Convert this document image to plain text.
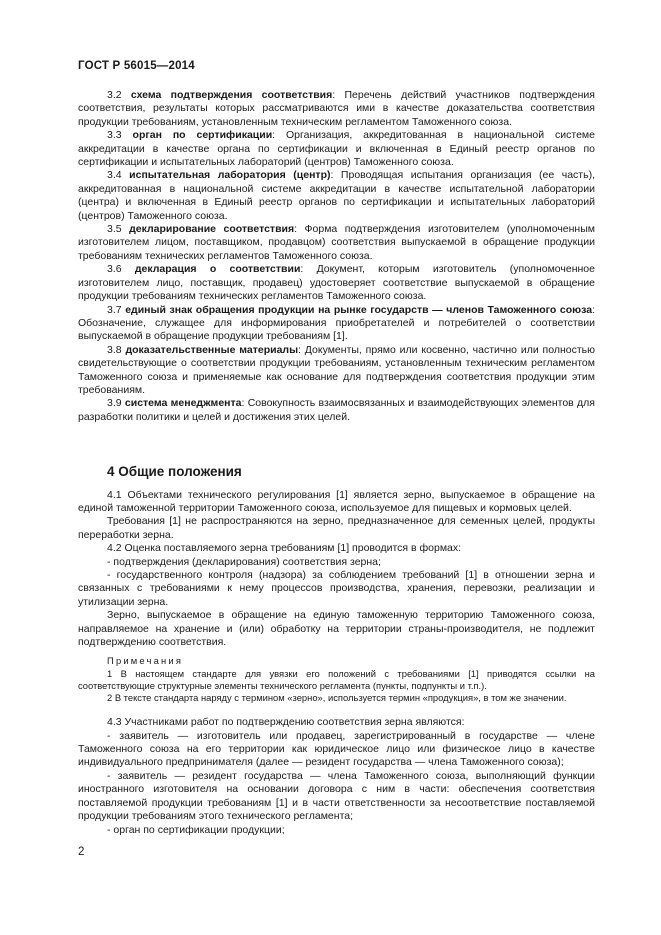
ГОСТ Р 56015—2014

3.2 схема подтверждения соответствия: Перечень действий участников подтверждения соответствия, результаты которых рассматриваются ими в качестве доказательства соответствия продукции требованиям, установленным техническим регламентом Таможенного союза.

3.3 орган по сертификации: Организация, аккредитованная в национальной системе аккредитации в качестве органа по сертификации и включенная в Единый реестр органов по сертификации и испытательных лабораторий (центров) Таможенного союза.

3.4 испытательная лаборатория (центр): Проводящая испытания организация (ее часть), аккредитованная в национальной системе аккредитации в качестве испытательной лаборатории (центра) и включенная в Единый реестр органов по сертификации и испытательных лабораторий (центров) Таможенного союза.

3.5 декларирование соответствия: Форма подтверждения изготовителем (уполномоченным изготовителем лицом, поставщиком, продавцом) соответствия выпускаемой в обращение продукции требованиям технических регламентов Таможенного союза.

3.6 декларация о соответствии: Документ, которым изготовитель (уполномоченное изготовителем лицо, поставщик, продавец) удостоверяет соответствие выпускаемой в обращение продукции требованиям технических регламентов Таможенного союза.

3.7 единый знак обращения продукции на рынке государств — членов Таможенного союза: Обозначение, служащее для информирования приобретателей и потребителей о соответствии выпускаемой в обращение продукции требованиям [1].

3.8 доказательственные материалы: Документы, прямо или косвенно, частично или полностью свидетельствующие о соответствии продукции требованиям, установленным техническим регламентом Таможенного союза и применяемые как основание для подтверждения соответствия продукции этим требованиям.

3.9 система менеджмента: Совокупность взаимосвязанных и взаимодействующих элементов для разработки политики и целей и достижения этих целей.

4 Общие положения

4.1 Объектами технического регулирования [1] является зерно, выпускаемое в обращение на единой таможенной территории Таможенного союза, используемое для пищевых и кормовых целей.

Требования [1] не распространяются на зерно, предназначенное для семенных целей, продукты переработки зерна.

4.2 Оценка поставляемого зерна требованиям [1] проводится в формах:

- подтверждения (декларирования) соответствия зерна;

- государственного контроля (надзора) за соблюдением требований [1] в отношении зерна и связанных с требованиями к нему процессов производства, хранения, перевозки, реализации и утилизации зерна.

Зерно, выпускаемое в обращение на единую таможенную территорию Таможенного союза, направляемое на хранение и (или) обработку на территории страны-производителя, не подлежит подтверждению соответствия.

Примечания

1 В настоящем стандарте для увязки его положений с требованиями [1] приводятся ссылки на соответствующие структурные элементы технического регламента (пункты, подпункты и т.п.).

2 В тексте стандарта наряду с термином «зерно», используется термин «продукция», в том же значении.

4.3 Участниками работ по подтверждению соответствия зерна являются:

- заявитель — изготовитель или продавец, зарегистрированный в государстве — члене Таможенного союза на его территории как юридическое лицо или физическое лицо в качестве индивидуального предпринимателя (далее — резидент государства — члена Таможенного союза);

- заявитель — резидент государства — члена Таможенного союза, выполняющий функции иностранного изготовителя на основании договора с ним в части: обеспечения соответствия поставляемой продукции требованиям [1] и в части ответственности за несоответствие поставляемой продукции требованиям этого технического регламента;

- орган по сертификации продукции;

2
